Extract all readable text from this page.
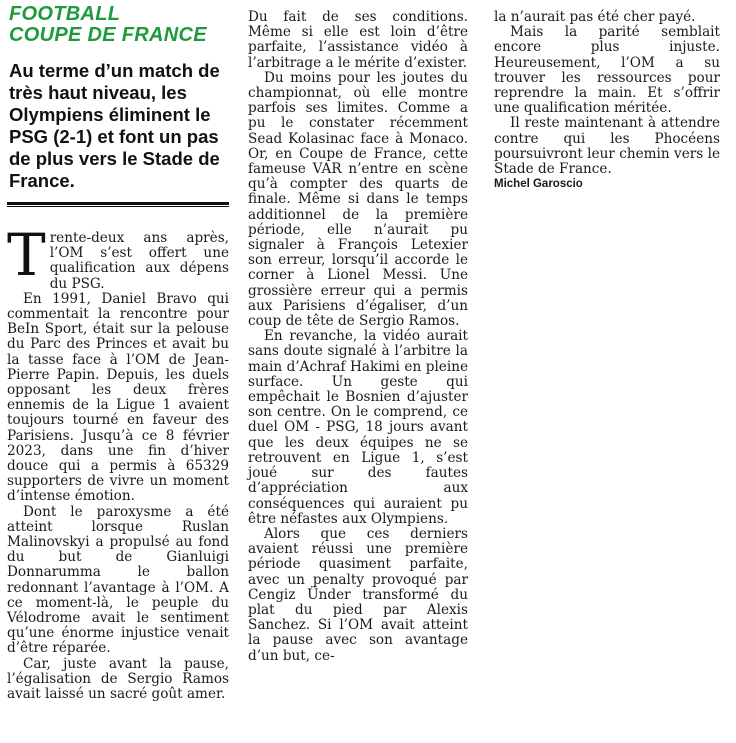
FOOTBALL
COUPE DE FRANCE
Au terme d’un match de très haut niveau, les Olympiens éliminent le PSG (2-1) et font un pas de plus vers le Stade de France.

Trente-deux ans après, l’OM s’est offert une qualification aux dépens du PSG.

En 1991, Daniel Bravo qui commentait la rencontre pour BeIn Sport, était sur la pelouse du Parc des Princes et avait bu la tasse face à l’OM de Jean-Pierre Papin. Depuis, les duels opposant les deux frères ennemis de la Ligue 1 avaient toujours tourné en faveur des Parisiens. Jusqu’à ce 8 février 2023, dans une fin d’hiver douce qui a permis à 65329 supporters de vivre un moment d’intense émotion.

Dont le paroxysme a été atteint lorsque Ruslan Malinovskyi a propulsé au fond du but de Gianluigi Donnarumma le ballon redonnant l’avantage à l’OM. A ce moment-là, le peuple du Vélodrome avait le sentiment qu’une énorme injustice venait d’être réparée.

Car, juste avant la pause, l’égalisation de Sergio Ramos avait laissé un sacré goût amer.

Du fait de ses conditions. Même si elle est loin d’être parfaite, l’assistance vidéo à l’arbitrage a le mérite d’exister.

Du moins pour les joutes du championnat, où elle montre parfois ses limites. Comme a pu le constater récemment Sead Kolasinac face à Monaco. Or, en Coupe de France, cette fameuse VAR n’entre en scène qu’à compter des quarts de finale. Même si dans le temps additionnel de la première période, elle n’aurait pu signaler à François Letexier son erreur, lorsqu’il accorde le corner à Lionel Messi. Une grossière erreur qui a permis aux Parisiens d’égaliser, d’un coup de tête de Sergio Ramos.

En revanche, la vidéo aurait sans doute signalé à l’arbitre la main d’Achraf Hakimi en pleine surface. Un geste qui empêchait le Bosnien d’ajuster son centre. On le comprend, ce duel OM - PSG, 18 jours avant que les deux équipes ne se retrouvent en Ligue 1, s’est joué sur des fautes d’appréciation aux conséquences qui auraient pu être néfastes aux Olympiens.

Alors que ces derniers avaient réussi une première période quasiment parfaite, avec un penalty provoqué par Cengiz Ünder transformé du plat du pied par Alexis Sanchez. Si l’OM avait atteint la pause avec son avantage d’un but, ce-

la n’aurait pas été cher payé.

Mais la parité semblait encore plus injuste. Heureusement, l’OM a su trouver les ressources pour reprendre la main. Et s’offrir une qualification méritée.

Il reste maintenant à attendre contre qui les Phocéens poursuivront leur chemin vers le Stade de France.

Michel Garoscio
